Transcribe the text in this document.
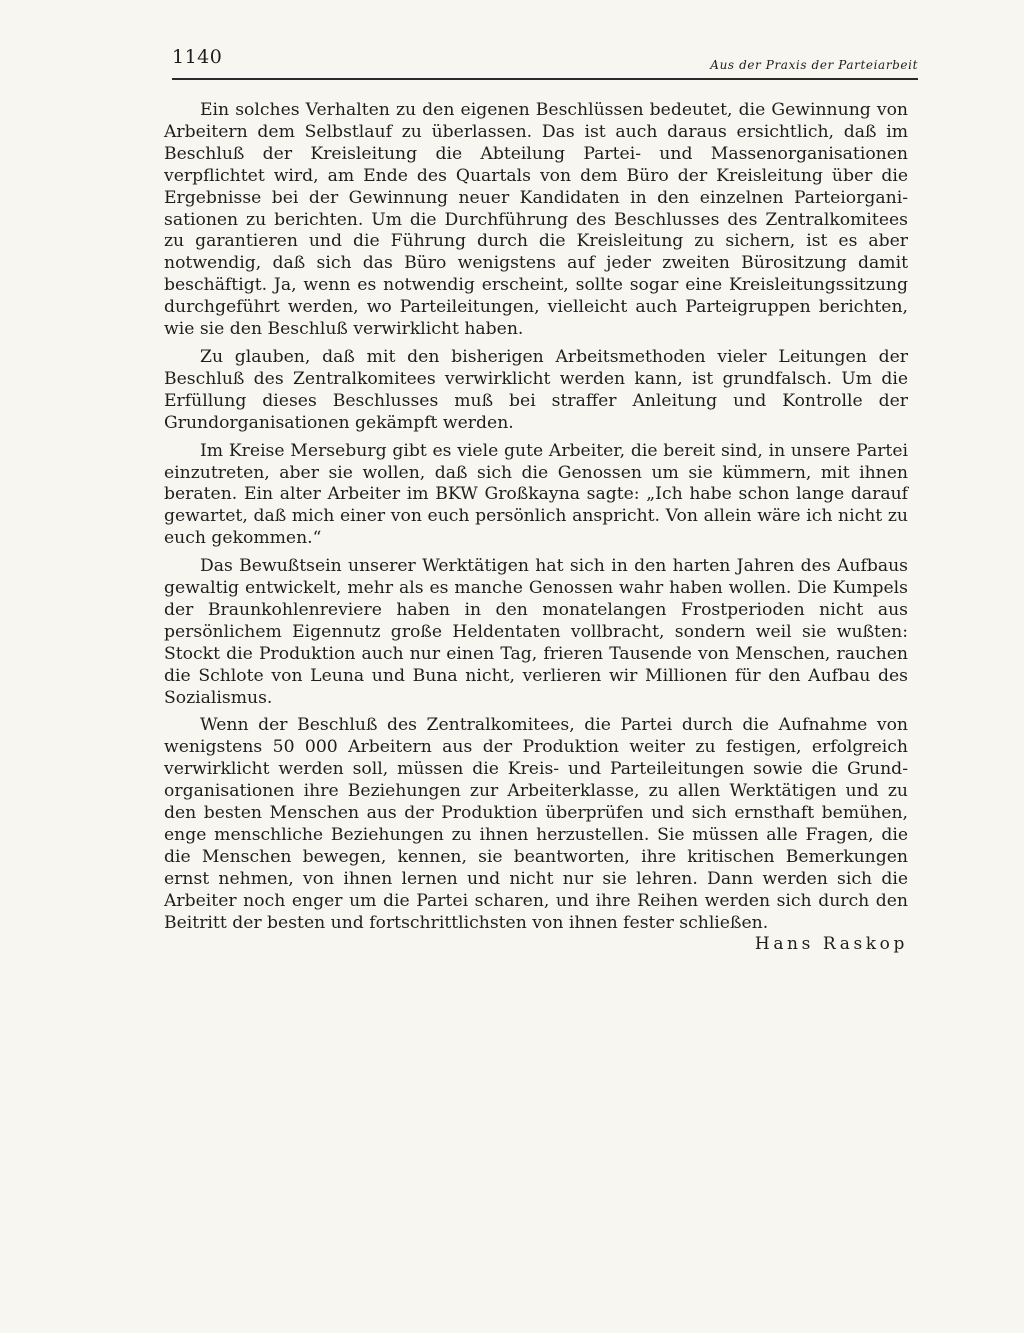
1140	Aus der Praxis der Parteiarbeit

Ein solches Verhalten zu den eigenen Beschlüssen bedeutet, die Gewinnung von Arbeitern dem Selbstlauf zu überlassen. Das ist auch daraus ersichtlich, daß im Beschluß der Kreisleitung die Abteilung Partei- und Massenorganisationen verpflichtet wird, am Ende des Quartals von dem Büro der Kreisleitung über die Ergebnisse bei der Gewinnung neuer Kandidaten in den einzelnen Parteiorganisationen zu berichten. Um die Durchführung des Beschlusses des Zentralkomitees zu garantieren und die Führung durch die Kreisleitung zu sichern, ist es aber notwendig, daß sich das Büro wenigstens auf jeder zweiten Bürositzung damit beschäftigt. Ja, wenn es notwendig erscheint, sollte sogar eine Kreisleitungssitzung durchgeführt werden, wo Parteileitungen, vielleicht auch Parteigruppen berichten, wie sie den Beschluß verwirklicht haben.

Zu glauben, daß mit den bisherigen Arbeitsmethoden vieler Leitungen der Beschluß des Zentralkomitees verwirklicht werden kann, ist grundfalsch. Um die Erfüllung dieses Beschlusses muß bei straffer Anleitung und Kontrolle der Grundorganisationen gekämpft werden.

Im Kreise Merseburg gibt es viele gute Arbeiter, die bereit sind, in unsere Partei einzutreten, aber sie wollen, daß sich die Genossen um sie kümmern, mit ihnen beraten. Ein alter Arbeiter im BKW Großkayna sagte: „Ich habe schon lange darauf gewartet, daß mich einer von euch persönlich anspricht. Von allein wäre ich nicht zu euch gekommen.“

Das Bewußtsein unserer Werktätigen hat sich in den harten Jahren des Aufbaus gewaltig entwickelt, mehr als es manche Genossen wahr haben wollen. Die Kumpels der Braunkohlenreviere haben in den monatelangen Frostperioden nicht aus persönlichem Eigennutz große Heldentaten vollbracht, sondern weil sie wußten: Stockt die Produktion auch nur einen Tag, frieren Tausende von Menschen, rauchen die Schlote von Leuna und Buna nicht, verlieren wir Millionen für den Aufbau des Sozialismus.

Wenn der Beschluß des Zentralkomitees, die Partei durch die Aufnahme von wenigstens 50 000 Arbeitern aus der Produktion weiter zu festigen, erfolgreich verwirklicht werden soll, müssen die Kreis- und Parteileitungen sowie die Grundorganisationen ihre Beziehungen zur Arbeiterklasse, zu allen Werktätigen und zu den besten Menschen aus der Produktion überprüfen und sich ernsthaft bemühen, enge menschliche Beziehungen zu ihnen herzustellen. Sie müssen alle Fragen, die die Menschen bewegen, kennen, sie beantworten, ihre kritischen Bemerkungen ernst nehmen, von ihnen lernen und nicht nur sie lehren. Dann werden sich die Arbeiter noch enger um die Partei scharen, und ihre Reihen werden sich durch den Beitritt der besten und fortschrittlichsten von ihnen fester schließen.

Hans Raskop
